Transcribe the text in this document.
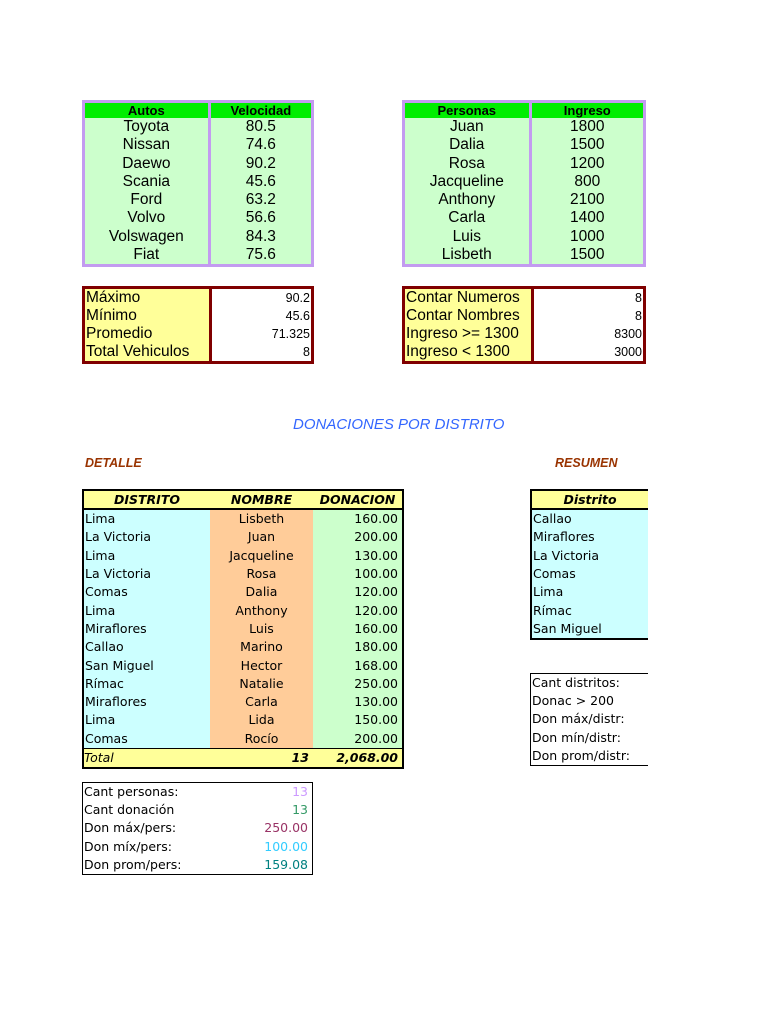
Autos	Velocidad
Toyota	80.5
Nissan	74.6
Daewo	90.2
Scania	45.6
Ford	63.2
Volvo	56.6
Volswagen	84.3
Fiat	75.6
Personas	Ingreso
Juan	1800
Dalia	1500
Rosa	1200
Jacqueline	800
Anthony	2100
Carla	1400
Luis	1000
Lisbeth	1500
Máximo	90.2
Mínimo	45.6
Promedio	71.325
Total Vehiculos	8
Contar Numeros	8
Contar Nombres	8
Ingreso >= 1300	8300
Ingreso < 1300	3000
DONACIONES POR DISTRITO
DETALLE	RESUMEN
DISTRITO	NOMBRE	DONACION
Lima	Lisbeth	160.00
La Victoria	Juan	200.00
Lima	Jacqueline	130.00
La Victoria	Rosa	100.00
Comas	Dalia	120.00
Lima	Anthony	120.00
Miraflores	Luis	160.00
Callao	Marino	180.00
San Miguel	Hector	168.00
Rímac	Natalie	250.00
Miraflores	Carla	130.00
Lima	Lida	150.00
Comas	Rocío	200.00
Total	13	2,068.00
Distrito
Callao
Miraflores
La Victoria
Comas
Lima
Rímac
San Miguel
Cant distritos:
Donac > 200
Don máx/distr:
Don mín/distr:
Don prom/distr:
Cant personas:	13
Cant donación	13
Don máx/pers:	250.00
Don míx/pers:	100.00
Don prom/pers:	159.08
